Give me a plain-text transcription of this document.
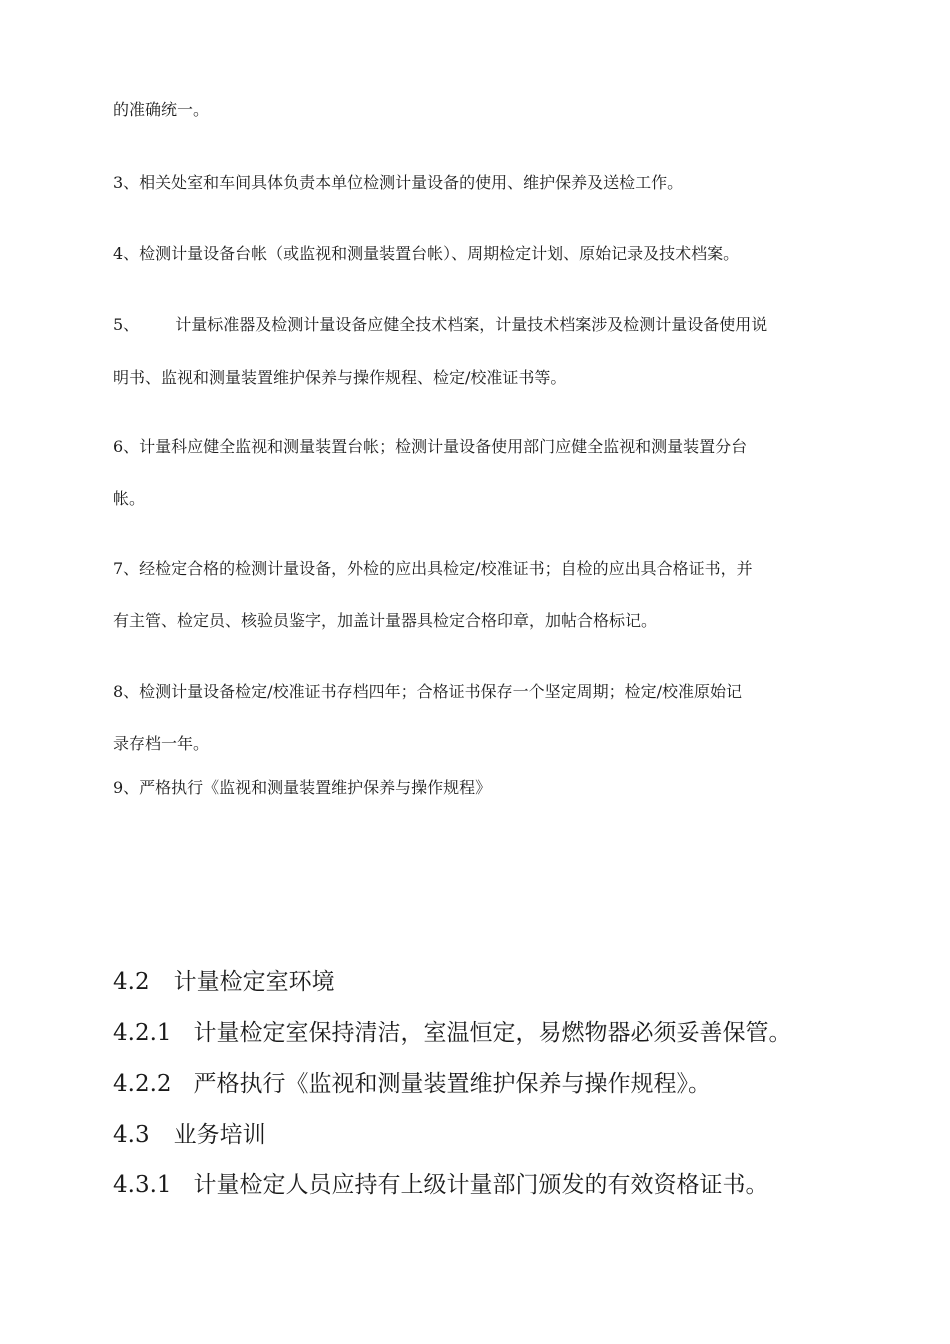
的准确统一。
3、相关处室和车间具体负责本单位检测计量设备的使用、维护保养及送检工作。
4、检测计量设备台帐（或监视和测量装置台帐）、周期检定计划、原始记录及技术档案。
5、 计量标准器及检测计量设备应健全技术档案，计量技术档案涉及检测计量设备使用说
明书、监视和测量装置维护保养与操作规程、检定/校准证书等。
6、计量科应健全监视和测量装置台帐；检测计量设备使用部门应健全监视和测量装置分台
帐。
7、经检定合格的检测计量设备，外检的应出具检定/校准证书；自检的应出具合格证书，并
有主管、检定员、核验员鉴字，加盖计量器具检定合格印章，加帖合格标记。
8、检测计量设备检定/校准证书存档四年；合格证书保存一个坚定周期；检定/校准原始记
录存档一年。
9、严格执行《监视和测量装置维护保养与操作规程》
4.2 计量检定室环境
4.2.1 计量检定室保持清洁，室温恒定，易燃物器必须妥善保管。
4.2.2 严格执行《监视和测量装置维护保养与操作规程》。
4.3 业务培训
4.3.1 计量检定人员应持有上级计量部门颁发的有效资格证书。
